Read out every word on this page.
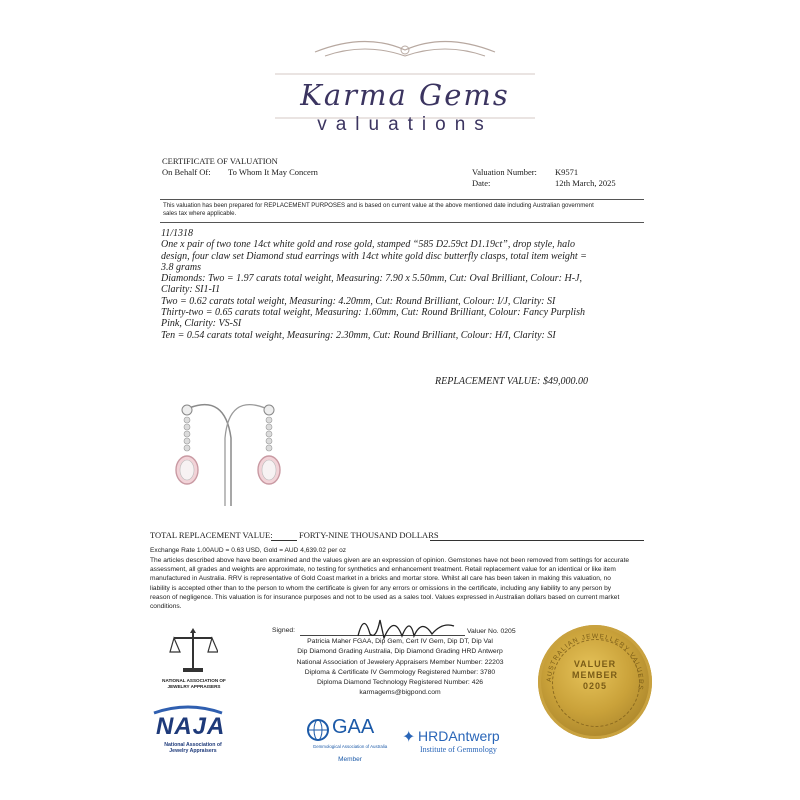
Karma Gems
valuations
CERTIFICATE OF VALUATION
On Behalf Of: To Whom It May Concern	Valuation Number: K9571
Date:	12th March, 2025
This valuation has been prepared for REPLACEMENT PURPOSES and is based on current value at the above mentioned date including Australian government
sales tax where applicable.
11/1318
One x pair of two tone 14ct white gold and rose gold, stamped “585 D2.59ct D1.19ct”, drop style, halo
design, four claw set Diamond stud earrings with 14ct white gold disc butterfly clasps, total item weight =
3.8 grams
Diamonds: Two = 1.97 carats total weight, Measuring: 7.90 x 5.50mm, Cut: Oval Brilliant, Colour: H-J,
Clarity: SI1-I1
Two = 0.62 carats total weight, Measuring: 4.20mm, Cut: Round Brilliant, Colour: I/J, Clarity: SI
Thirty-two = 0.65 carats total weight, Measuring: 1.60mm, Cut: Round Brilliant, Colour: Fancy Purplish
Pink, Clarity: VS-SI
Ten = 0.54 carats total weight, Measuring: 2.30mm, Cut: Round Brilliant, Colour: H/I, Clarity: SI
REPLACEMENT VALUE: $49,000.00
TOTAL REPLACEMENT VALUE:	FORTY-NINE THOUSAND DOLLARS
Exchange Rate 1.00AUD = 0.63 USD, Gold = AUD 4,639.02 per oz
The articles described above have been examined and the values given are an expression of opinion. Gemstones have not been removed from settings for accurate
assessment, all grades and weights are approximate, no testing for synthetics and enhancement treatment. Retail replacement value for an identical or like item
manufactured in Australia. RRV is representative of Gold Coast market in a bricks and mortar store. Whilst all care has been taken in making this valuation, no
liability is accepted other than to the person to whom the certificate is given for any errors or omissions in the certificate, including any liability to any person by
reason of negligence. This valuation is for insurance purposes and not to be used as a sales tool. Values expressed in Australian dollars based on current market
conditions.
Signed:	Valuer No. 0205
Patricia Maher FGAA, Dip Gem, Cert IV Gem, Dip DT, Dip Val
Dip Diamond Grading Australia, Dip Diamond Grading HRD Antwerp
National Association of Jewelery Appraisers Member Number: 22203
Diploma & Certificate IV Gemmology Registered Number: 3780
Diploma Diamond Technology Registered Number: 426
karmagems@bigpond.com
NATIONAL ASSOCIATION OF
JEWELRY APPRAISERS
NAJA
National Association of
Jewelry Appraisers
GAA
Gemmological Association of Australia
Member
✦ HRDAntwerp
Institute of Gemmology
AUSTRALIAN JEWELLERY VALUERS
VALUER
MEMBER
0205
